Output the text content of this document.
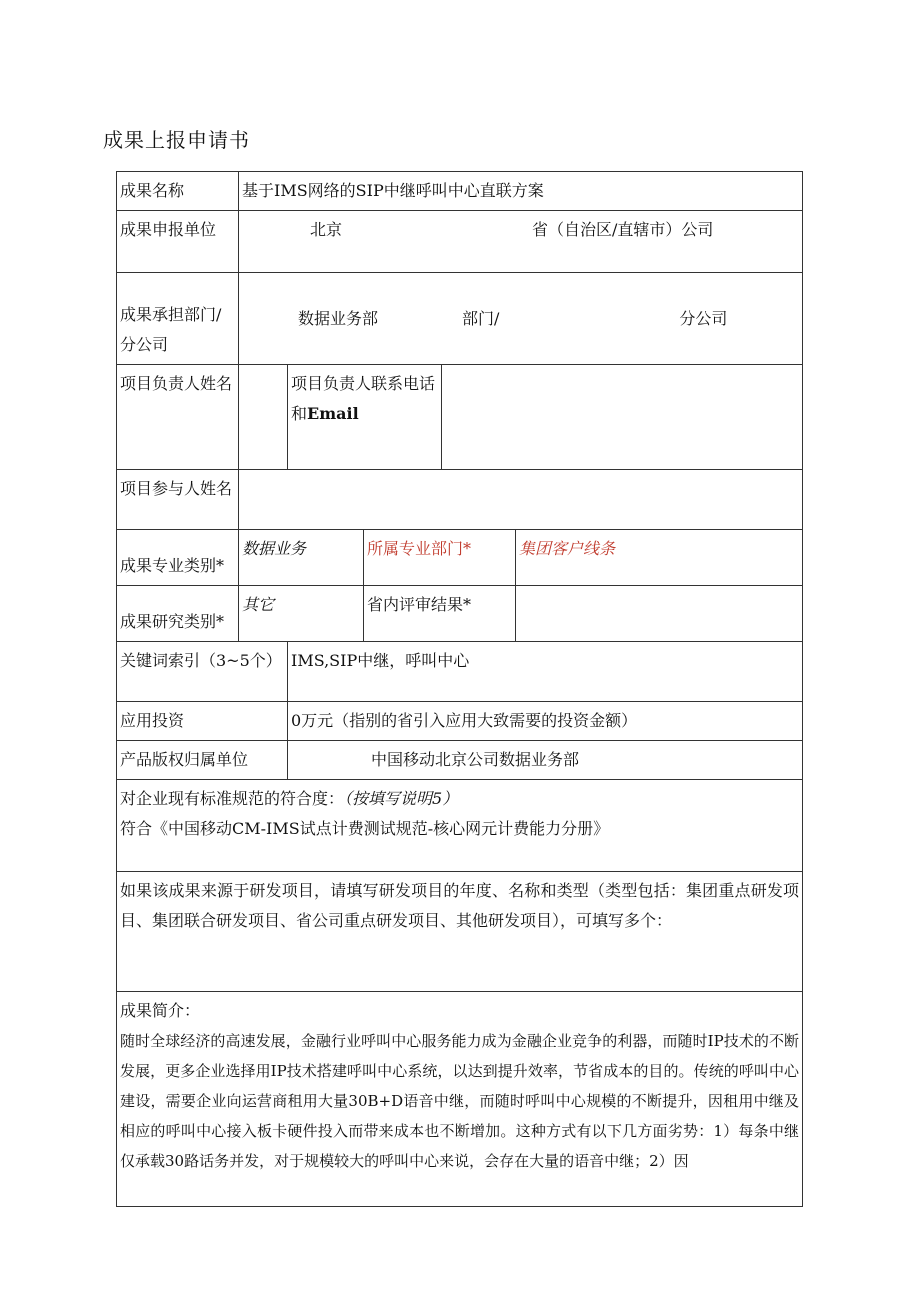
成果上报申请书
成果名称	基于IMS网络的SIP中继呼叫中心直联方案				
成果申报单位	北京 省（自治区/直辖市）公司				
成果承担部门/分公司	数据业务部 部门/ 分公司				
项目负责人姓名		项目负责人联系电话
和Email			
项目参与人姓名					
成果专业类别*	数据业务		所属专业部门*		集团客户线条
成果研究类别*	其它		省内评审结果*		
关键词索引（3~5个）		IMS,SIP中继，呼叫中心			
应用投资		0万元（指别的省引入应用大致需要的投资金额）			
产品版权归属单位		中国移动北京公司数据业务部			
对企业现有标准规范的符合度：（按填写说明5）
符合《中国移动CM-IMS试点计费测试规范-核心网元计费能力分册》					
如果该成果来源于研发项目，请填写研发项目的年度、名称和类型（类型包括：集团重点研发项目、集团联合研发项目、省公司重点研发项目、其他研发项目），可填写多个：					

成果简介：
随时全球经济的高速发展，金融行业呼叫中心服务能力成为金融企业竞争的利器，而随时IP技术的不断发展，更多企业选择用IP技术搭建呼叫中心系统，以达到提升效率，节省成本的目的。传统的呼叫中心建设，需要企业向运营商租用大量30B+D语音中继，而随时呼叫中心规模的不断提升，因租用中继及相应的呼叫中心接入板卡硬件投入而带来成本也不断增加。这种方式有以下几方面劣势：1）每条中继仅承载30路话务并发，对于规模较大的呼叫中心来说，会存在大量的语音中继；2）因					
